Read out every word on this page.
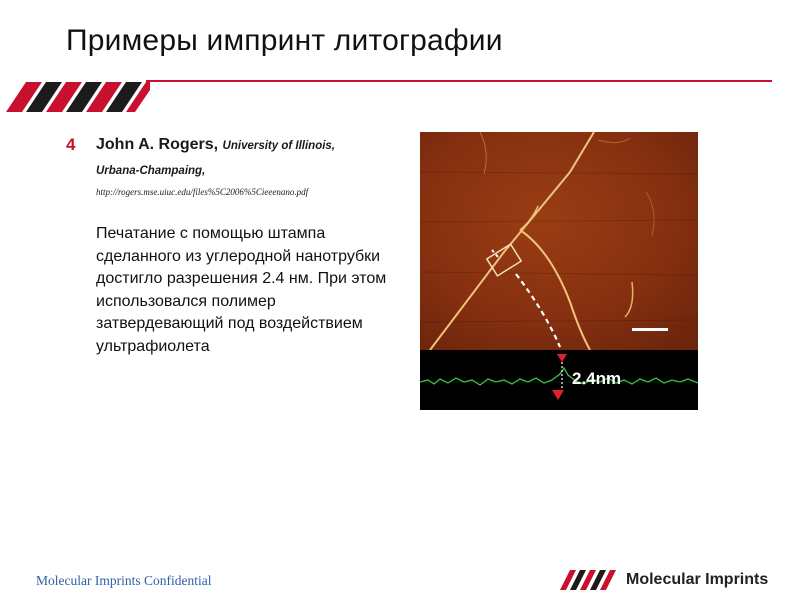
Примеры импринт литографии
4 John A. Rogers, University of Illinois,
Urbana-Champaing,
http://rogers.mse.uiuc.edu/files%5C2006%5Cieeenano.pdf
Печатание с помощью штампа сделанного из углеродной нанотрубки достигло разрешения 2.4 нм. При этом использовался полимер затвердевающий под воздействием ультрафиолета
2.4nm
Molecular Imprints Confidential	Molecular Imprints
